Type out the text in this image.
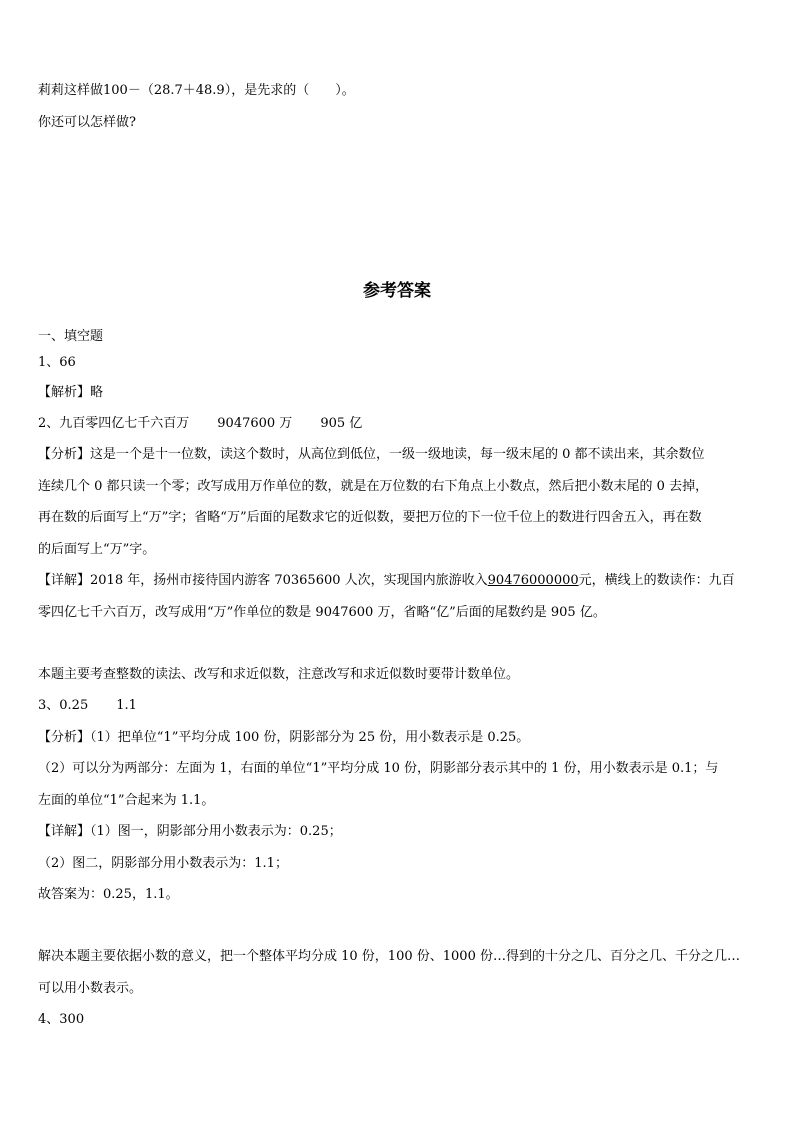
莉莉这样做100－（28.7＋48.9），是先求的（　　）。
你还可以怎样做?
参考答案
一、填空题
1、66
【解析】略
2、九百零四亿七千六百万 9047600 万 905 亿
【分析】这是一个是十一位数，读这个数时，从高位到低位，一级一级地读，每一级末尾的 0 都不读出来，其余数位
连续几个 0 都只读一个零；改写成用万作单位的数，就是在万位数的右下角点上小数点，然后把小数末尾的 0 去掉，
再在数的后面写上“万”字；省略“万”后面的尾数求它的近似数，要把万位的下一位千位上的数进行四舍五入，再在数
的后面写上“万”字。
【详解】2018 年，扬州市接待国内游客 70365600 人次，实现国内旅游收入90476000000元，横线上的数读作：九百
零四亿七千六百万，改写成用“万”作单位的数是 9047600 万，省略“亿”后面的尾数约是 905 亿。
本题主要考查整数的读法、改写和求近似数，注意改写和求近似数时要带计数单位。
3、0.25 1.1
【分析】（1）把单位“1”平均分成 100 份，阴影部分为 25 份，用小数表示是 0.25。
（2）可以分为两部分：左面为 1，右面的单位“1”平均分成 10 份，阴影部分表示其中的 1 份，用小数表示是 0.1；与
左面的单位“1”合起来为 1.1。
【详解】（1）图一，阴影部分用小数表示为：0.25；
（2）图二，阴影部分用小数表示为：1.1；
故答案为：0.25，1.1。
解决本题主要依据小数的意义，把一个整体平均分成 10 份，100 份、1000 份…得到的十分之几、百分之几、千分之几…
可以用小数表示。
4、300
